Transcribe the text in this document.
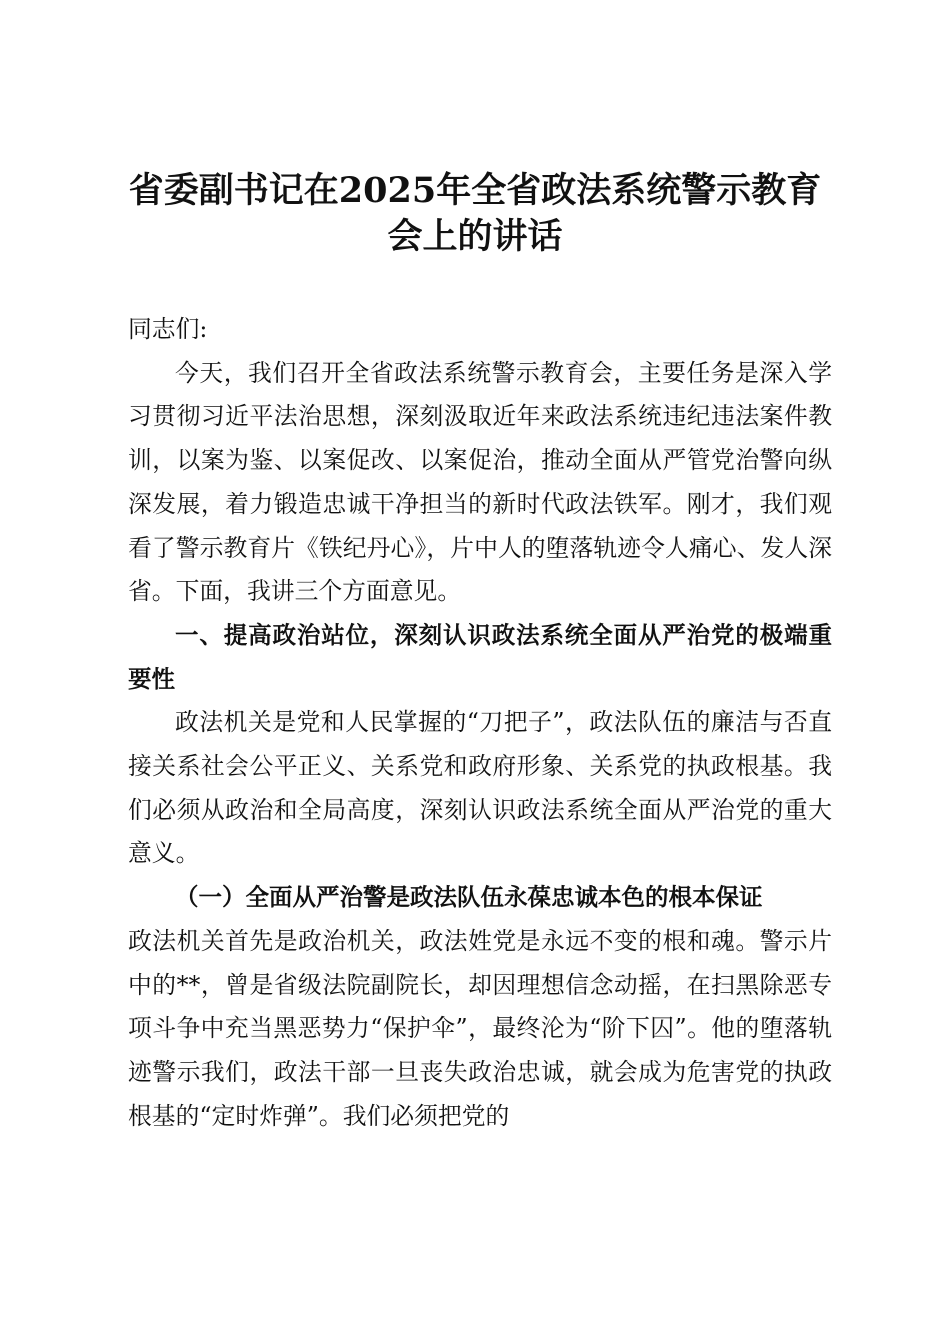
省委副书记在2025年全省政法系统警示教育
会上的讲话

同志们:

今天，我们召开全省政法系统警示教育会，主要任务是深入学习贯彻习近平法治思想，深刻汲取近年来政法系统违纪违法案件教训，以案为鉴、以案促改、以案促治，推动全面从严管党治警向纵深发展，着力锻造忠诚干净担当的新时代政法铁军。刚才，我们观看了警示教育片《铁纪丹心》，片中人的堕落轨迹令人痛心、发人深省。下面，我讲三个方面意见。

一、提高政治站位，深刻认识政法系统全面从严治党的极端重要性

政法机关是党和人民掌握的“刀把子”，政法队伍的廉洁与否直接关系社会公平正义、关系党和政府形象、关系党的执政根基。我们必须从政治和全局高度，深刻认识政法系统全面从严治党的重大意义。

（一）全面从严治警是政法队伍永葆忠诚本色的根本保证

政法机关首先是政治机关，政法姓党是永远不变的根和魂。警示片中的**，曾是省级法院副院长，却因理想信念动摇，在扫黑除恶专项斗争中充当黑恶势力“保护伞”，最终沦为“阶下囚”。他的堕落轨迹警示我们，政法干部一旦丧失政治忠诚，就会成为危害党的执政根基的“定时炸弹”。我们必须把党的
